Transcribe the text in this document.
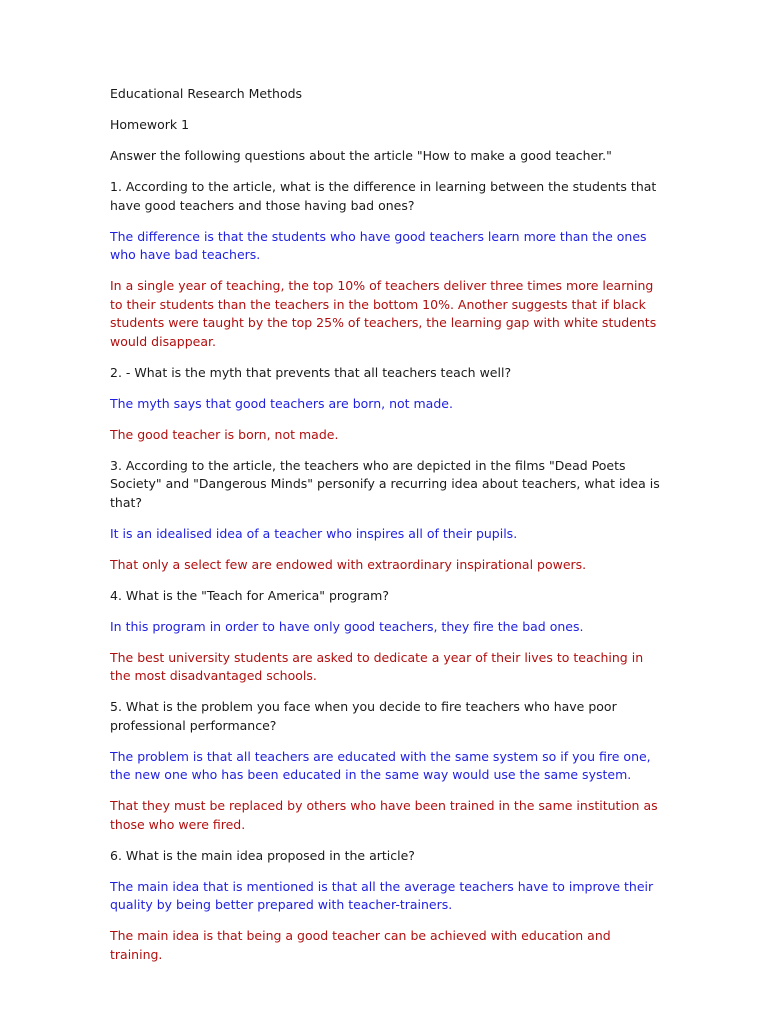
Educational Research Methods

Homework 1

Answer the following questions about the article "How to make a good teacher."

1. According to the article, what is the difference in learning between the students that have good teachers and those having bad ones?

The difference is that the students who have good teachers learn more than the ones who have bad teachers.

In a single year of teaching, the top 10% of teachers deliver three times more learning to their students than the teachers in the bottom 10%. Another suggests that if black students were taught by the top 25% of teachers, the learning gap with white students would disappear.

2. - What is the myth that prevents that all teachers teach well?

The myth says that good teachers are born, not made.

The good teacher is born, not made.

3. According to the article, the teachers who are depicted in the films "Dead Poets Society" and "Dangerous Minds" personify a recurring idea about teachers, what idea is that?

It is an idealised idea of a teacher who inspires all of their pupils.

That only a select few are endowed with extraordinary inspirational powers.

4. What is the "Teach for America" program?

In this program in order to have only good teachers, they fire the bad ones.

The best university students are asked to dedicate a year of their lives to teaching in the most disadvantaged schools.

5. What is the problem you face when you decide to fire teachers who have poor professional performance?

The problem is that all teachers are educated with the same system so if you fire one, the new one who has been educated in the same way would use the same system.

That they must be replaced by others who have been trained in the same institution as those who were fired.

6. What is the main idea proposed in the article?

The main idea that is mentioned is that all the average teachers have to improve their quality by being better prepared with teacher-trainers.

The main idea is that being a good teacher can be achieved with education and training.
